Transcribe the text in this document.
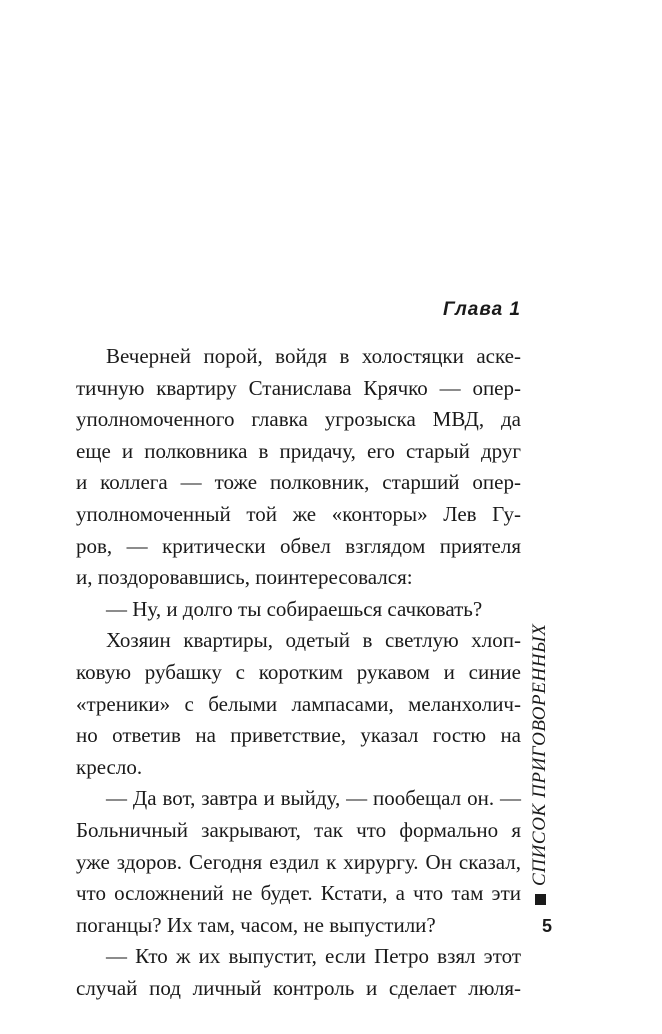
Глава 1
Вечерней порой, войдя в холостяцки аске-
тичную квартиру Станислава Крячко — опер-
уполномоченного главка угрозыска МВД, да
еще и полковника в придачу, его старый друг
и коллега — тоже полковник, старший опер-
уполномоченный той же «конторы» Лев Гу-
ров, — критически обвел взглядом приятеля
и, поздоровавшись, поинтересовался:
— Ну, и долго ты собираешься сачковать?
Хозяин квартиры, одетый в светлую хлоп-
ковую рубашку с коротким рукавом и синие
«треники» с белыми лампасами, меланхолич-
но ответив на приветствие, указал гостю на
кресло.
— Да вот, завтра и выйду, — пообещал он. —
Больничный закрывают, так что формально я
уже здоров. Сегодня ездил к хирургу. Он сказал,
что осложнений не будет. Кстати, а что там эти
поганцы? Их там, часом, не выпустили?
— Кто ж их выпустит, если Петро взял этот
случай под личный контроль и сделает люля-
СПИСОК ПРИГОВОРЕННЫХ
5
